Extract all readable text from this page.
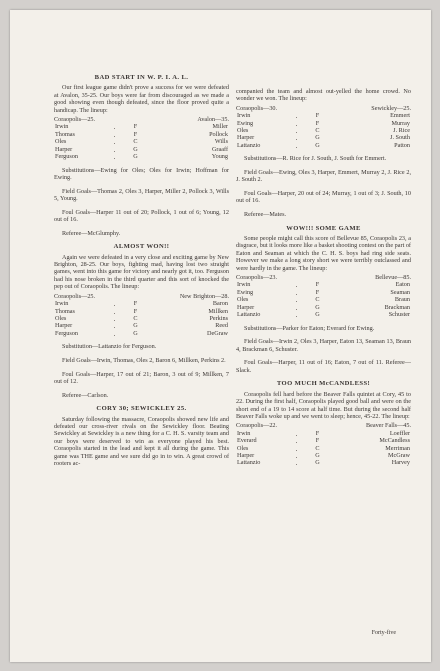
BAD START IN W. P. I. A. L.

Our first league game didn't prove a success for we were defeated at Avalon, 35-25. Our boys were far from discouraged as we made a good showing even though defeated, since the floor proved quite a handicap. The lineup:

Coraopolis—25.	Avalon—35.
Irwin	F	Miller
Thomas	F	Pollock
Oles	C	Wills
Harper	G	Graaff
Ferguson	G	Young

Substitutions—Ewing for Oles; Oles for Irwin; Hoffman for Ewing.

Field Goals—Thomas 2, Oles 3, Harper, Miller 2, Pollock 3, Wills 5, Young.

Foul Goals—Harper 11 out of 20; Pollock, 1 out of 6; Young, 12 out of 16.

Referee—McGlumphy.

ALMOST WON!!

Again we were defeated in a very close and exciting game by New Brighton, 28-25. Our boys, fighting mad, having lost two straight games, went into this game for victory and nearly got it, too. Ferguson had his nose broken in the third quarter and this sort of knocked the pep out of Coraopolis. The lineup:

Coraopolis—25.	New Brighton—28.
Irwin	F	Baron
Thomas	F	Millken
Oles	C	Perkins
Harper	G	Reed
Ferguson	G	DeGraw

Substitution—Lattanzio for Ferguson.

Field Goals—Irwin, Thomas, Oles 2, Baron 6, Millken, Perkins 2.

Foul Goals—Harper, 17 out of 21; Baron, 3 out of 9; Millken, 7 out of 12.

Referee—Carlson.

CORY 30; SEWICKLEY 25.

Saturday following the massacre, Coraopolis showed new life and defeated our cross-river rivals on the Sewickley floor. Beating Sewickley at Sewickley is a new thing for a C. H. S. varsity team and our boys were deserved to win as everyone played his best. Coraopolis started in the lead and kept it all during the game. This game was THE game and we sure did go in to win. A great crowd of rooters ac-

companied the team and almost out-yelled the home crowd. No wonder we won. The lineup:

Coraopolis—30.	Sewickley—25.
Irwin	F	Emmert
Ewing	F	Murray
Oles	C	J. Rice
Harper	G	J. South
Lattanzio	G	Patton

Substitutions—R. Rice for J. South, J. South for Emmert.

Field Goals—Ewing, Oles 3, Harper, Emmert, Murray 2, J. Rice 2, J. South 2.

Foul Goals—Harper, 20 out of 24; Murray, 1 out of 3; J. South, 10 out of 16.

Referee—Mates.

WOW!!! SOME GAME

Some people might call this score of Bellevue 85, Coraopolis 23, a disgrace, but it looks more like a basket shooting contest on the part of Eaton and Seaman at which the C. H. S. boys had ring side seats. However we make a long story short we were terribly outclassed and were hardly in the game. The lineup:

Coraopolis—23.	Bellevue—85.
Irwin	F	Eaton
Ewing	F	Seaman
Oles	C	Braun
Harper	G	Brackman
Lattanzio	G	Schuster

Substitutions—Parker for Eaton; Everard for Ewing.

Field Goals—Irwin 2, Oles 3, Harper, Eaton 13, Seaman 13, Braun 4, Brackman 6, Schuster.

Foul Goals—Harper, 11 out of 16; Eaton, 7 out of 11. Referee—Slack.

TOO MUCH McCANDLESS!

Coraopolis fell hard before the Beaver Falls quintet at Cory, 45 to 22. During the first half, Coraopolis played good ball and were on the short end of a 19 to 14 score at half time. But during the second half Beaver Falls woke up and we went to sleep; hence, 45-22. The lineup:

Coraopolis—22.	Beaver Falls—45.
Irwin	F	Loeffler
Everard	F	McCandless
Oles	C	Merriman
Harper	G	McGraw
Lattanzio	G	Harvey
Forty-five
